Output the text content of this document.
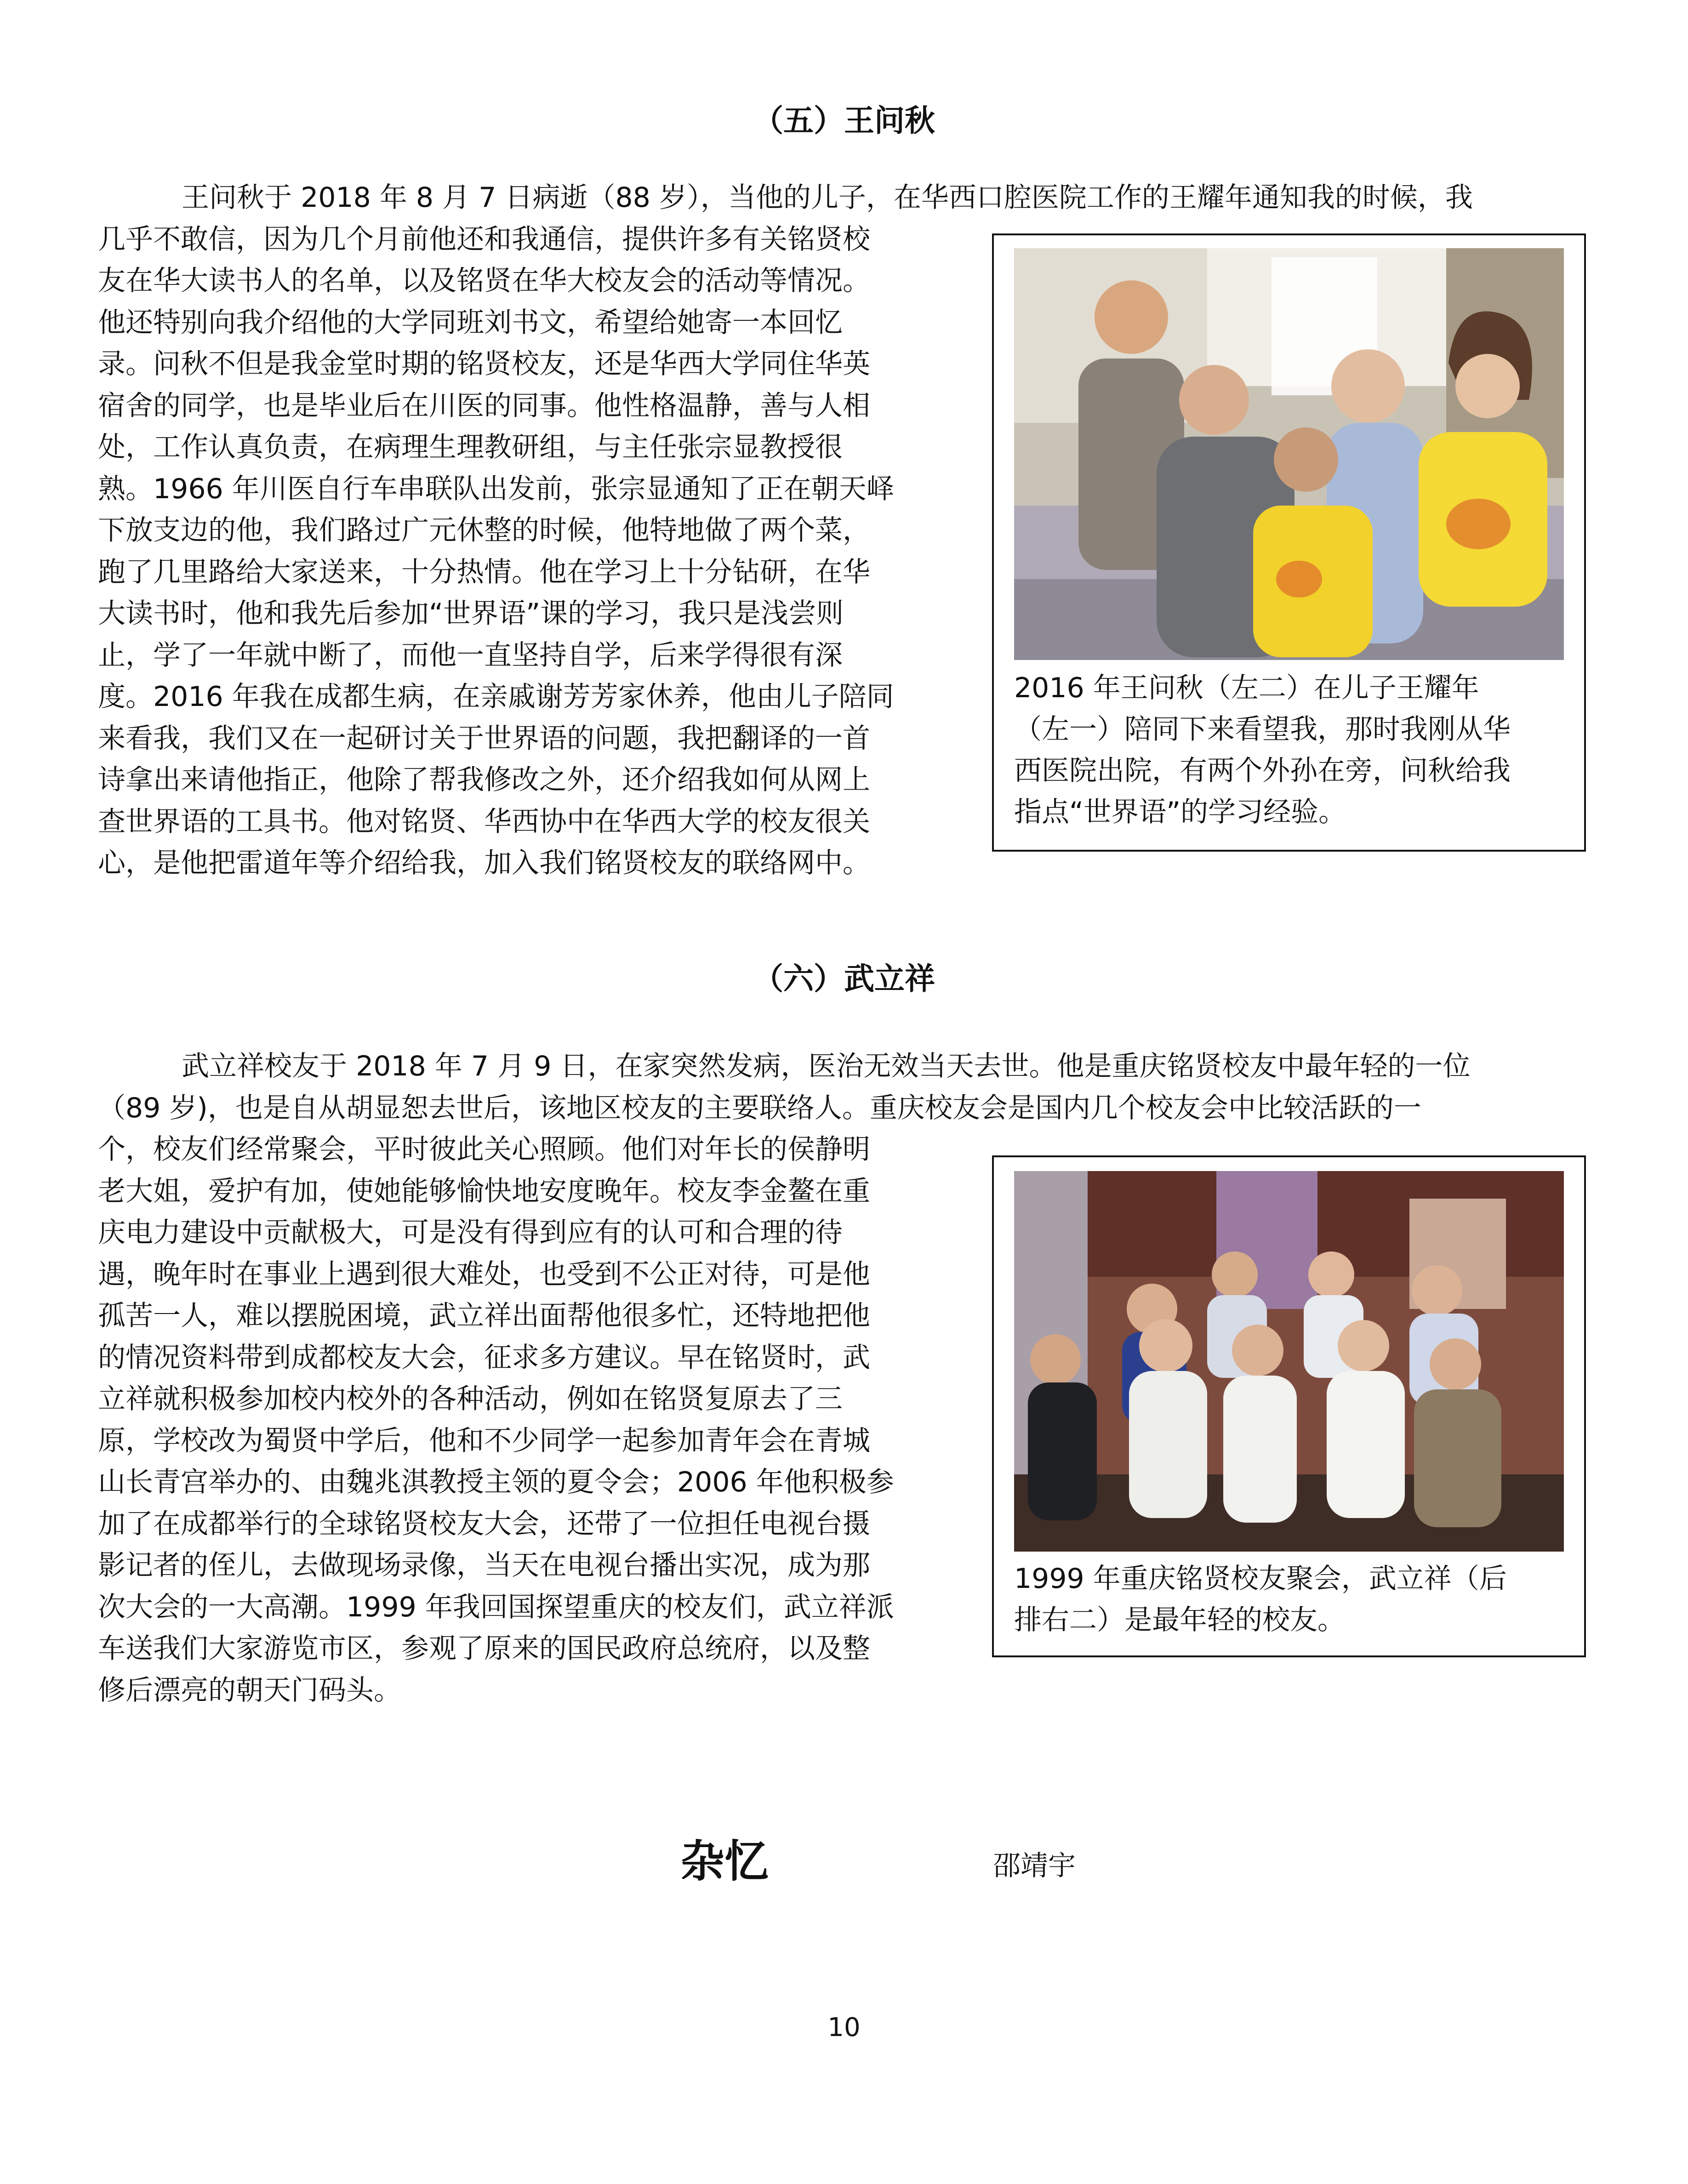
（五）王问秋
王问秋于 2018 年 8 月 7 日病逝（88 岁），当他的儿子，在华西口腔医院工作的王耀年通知我的时候，我
几乎不敢信，因为几个月前他还和我通信，提供许多有关铭贤校
友在华大读书人的名单，以及铭贤在华大校友会的活动等情况。
他还特别向我介绍他的大学同班刘书文，希望给她寄一本回忆
录。问秋不但是我金堂时期的铭贤校友，还是华西大学同住华英
宿舍的同学，也是毕业后在川医的同事。他性格温静，善与人相
处，工作认真负责，在病理生理教研组，与主任张宗显教授很
熟。1966 年川医自行车串联队出发前，张宗显通知了正在朝天峄
下放支边的他，我们路过广元休整的时候，他特地做了两个菜，
跑了几里路给大家送来，十分热情。他在学习上十分钻研，在华
大读书时，他和我先后参加“世界语”课的学习，我只是浅尝则
止，学了一年就中断了，而他一直坚持自学，后来学得很有深
度。2016 年我在成都生病，在亲戚谢芳芳家休养，他由儿子陪同
来看我，我们又在一起研讨关于世界语的问题，我把翻译的一首
诗拿出来请他指正，他除了帮我修改之外，还介绍我如何从网上
查世界语的工具书。他对铭贤、华西协中在华西大学的校友很关
心，是他把雷道年等介绍给我，加入我们铭贤校友的联络网中。
2016 年王问秋（左二）在儿子王耀年
（左一）陪同下来看望我，那时我刚从华
西医院出院，有两个外孙在旁，问秋给我
指点“世界语”的学习经验。
（六）武立祥
武立祥校友于 2018 年 7 月 9 日，在家突然发病，医治无效当天去世。他是重庆铭贤校友中最年轻的一位
（89 岁)，也是自从胡显恕去世后，该地区校友的主要联络人。重庆校友会是国内几个校友会中比较活跃的一
个，校友们经常聚会，平时彼此关心照顾。他们对年长的侯静明
老大姐，爱护有加，使她能够愉快地安度晚年。校友李金鳌在重
庆电力建设中贡献极大，可是没有得到应有的认可和合理的待
遇，晚年时在事业上遇到很大难处，也受到不公正对待，可是他
孤苦一人，难以摆脱困境，武立祥出面帮他很多忙，还特地把他
的情况资料带到成都校友大会，征求多方建议。早在铭贤时，武
立祥就积极参加校内校外的各种活动，例如在铭贤复原去了三
原，学校改为蜀贤中学后，他和不少同学一起参加青年会在青城
山长青宫举办的、由魏兆淇教授主领的夏令会；2006 年他积极参
加了在成都举行的全球铭贤校友大会，还带了一位担任电视台摄
影记者的侄儿，去做现场录像，当天在电视台播出实况，成为那
次大会的一大高潮。1999 年我回国探望重庆的校友们，武立祥派
车送我们大家游览市区，参观了原来的国民政府总统府，以及整
修后漂亮的朝天门码头。
1999 年重庆铭贤校友聚会，武立祥（后
排右二）是最年轻的校友。
杂忆	邵靖宇
10
